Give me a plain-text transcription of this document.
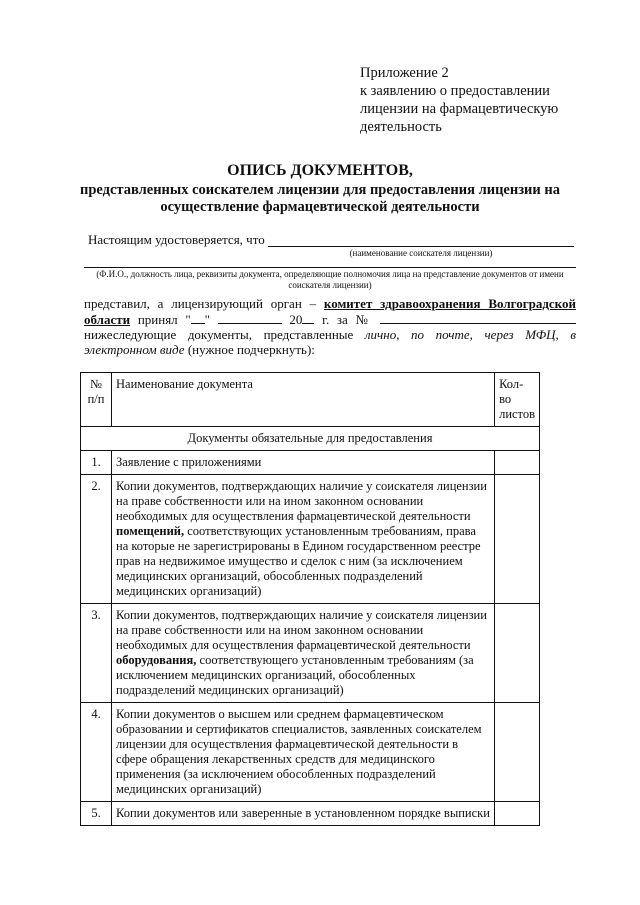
Приложение 2
к заявлению о предоставлении
лицензии на фармацевтическую
деятельность
ОПИСЬ ДОКУМЕНТОВ,
представленных соискателем лицензии для предоставления лицензии на осуществление фармацевтической деятельности
Настоящим удостоверяется, что
(наименование соискателя лицензии)
(Ф.И.О., должность лица, реквизиты документа, определяющие полномочия лица на представление документов от имени соискателя лицензии)
представил, а лицензирующий орган – комитет здравоохранения Волгоградской области принял " "	20 г. за №  нижеследующие документы, представленные лично, по почте, через МФЦ, в электронном виде (нужное подчеркнуть):
№ п/п	Наименование документа	Кол-во листов
Документы обязательные для предоставления		
1.	Заявление с приложениями	
2.	Копии документов, подтверждающих наличие у соискателя лицензии на праве собственности или на ином законном основании необходимых для осуществления фармацевтической деятельности помещений, соответствующих установленным требованиям, права на которые не зарегистрированы в Едином государственном реестре прав на недвижимое имущество и сделок с ним (за исключением медицинских организаций, обособленных подразделений медицинских организаций)	
3.	Копии документов, подтверждающих наличие у соискателя лицензии на праве собственности или на ином законном основании необходимых для осуществления фармацевтической деятельности оборудования, соответствующего установленным требованиям (за исключением медицинских организаций, обособленных подразделений медицинских организаций)	
4.	Копии документов о высшем или среднем фармацевтическом образовании и сертификатов специалистов, заявленных соискателем лицензии для осуществления фармацевтической деятельности в сфере обращения лекарственных средств для медицинского применения (за исключением обособленных подразделений медицинских организаций)	
5.	Копии документов или заверенные в установленном порядке выписки	
